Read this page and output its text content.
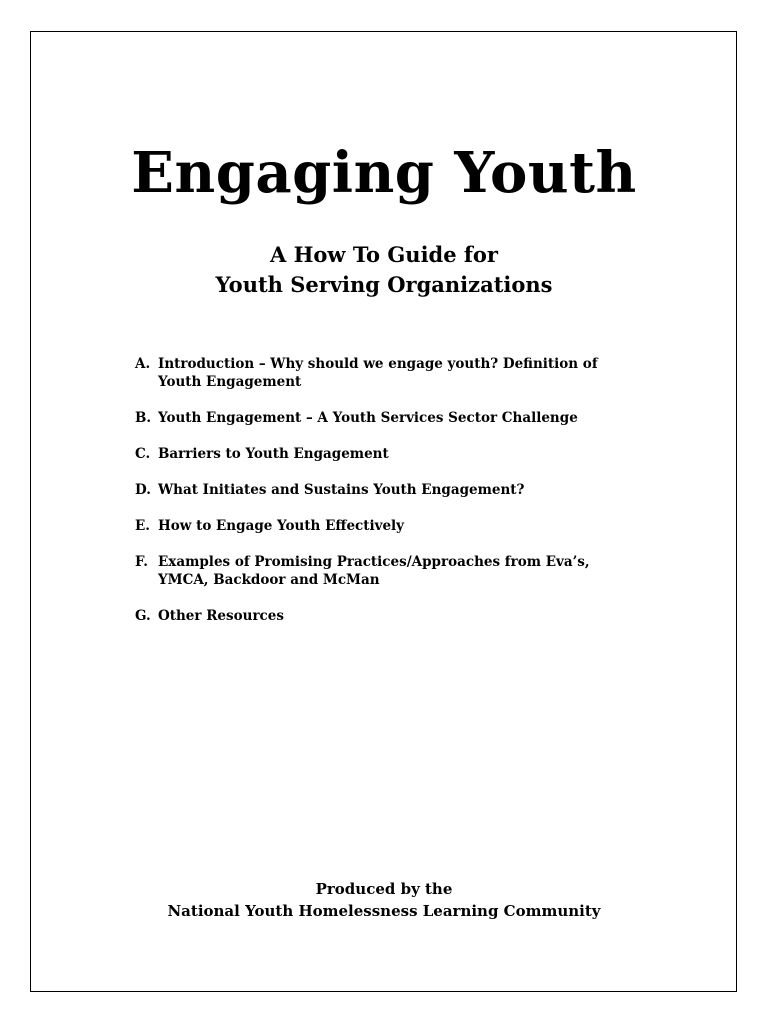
Engaging Youth
A How To Guide for
Youth Serving Organizations
A. Introduction – Why should we engage youth? Definition of Youth Engagement
B. Youth Engagement – A Youth Services Sector Challenge
C. Barriers to Youth Engagement
D. What Initiates and Sustains Youth Engagement?
E. How to Engage Youth Effectively
F. Examples of Promising Practices/Approaches from Eva’s, YMCA, Backdoor and McMan
G. Other Resources
Produced by the
National Youth Homelessness Learning Community
